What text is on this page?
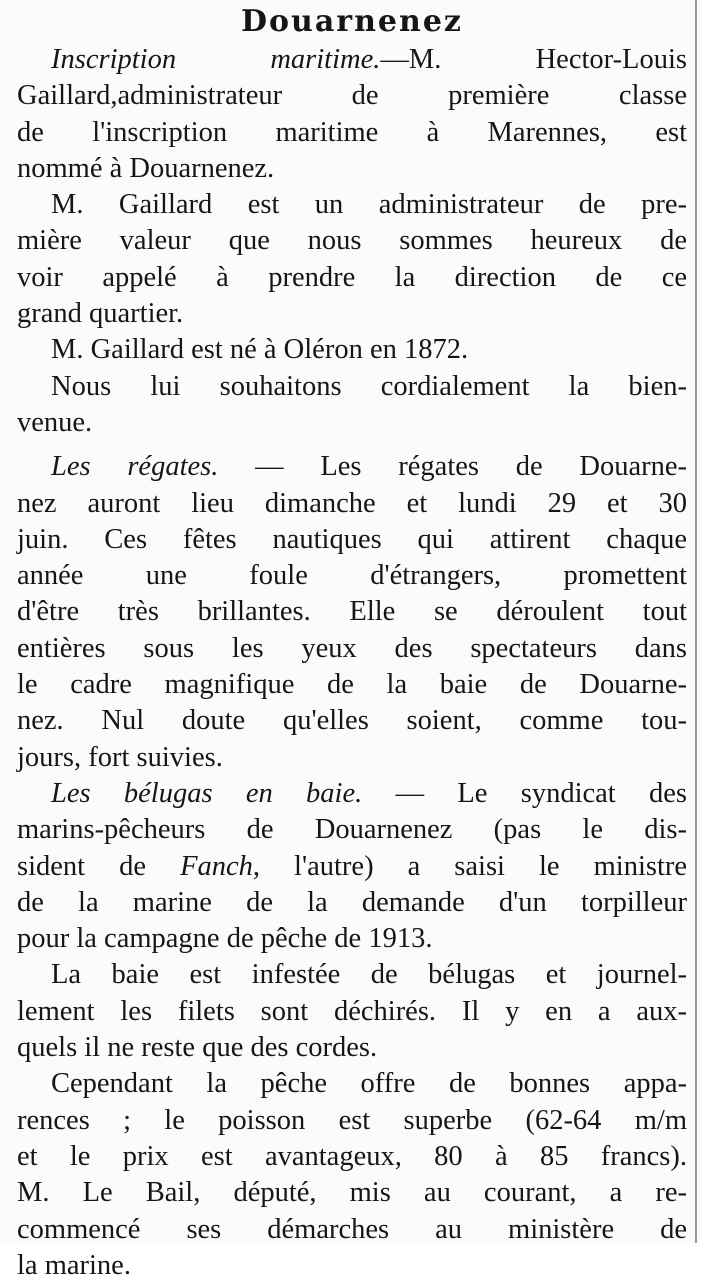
Douarnenez
Inscription maritime.—M. Hector-Louis
Gaillard,administrateur de première classe
de l'inscription maritime à Marennes, est
nommé à Douarnenez.
M. Gaillard est un administrateur de pre-
mière valeur que nous sommes heureux de
voir appelé à prendre la direction de ce
grand quartier.
M. Gaillard est né à Oléron en 1872.
Nous lui souhaitons cordialement la bien-
venue.
Les régates. — Les régates de Douarne-
nez auront lieu dimanche et lundi 29 et 30
juin. Ces fêtes nautiques qui attirent chaque
année une foule d'étrangers, promettent
d'être très brillantes. Elle se déroulent tout
entières sous les yeux des spectateurs dans
le cadre magnifique de la baie de Douarne-
nez. Nul doute qu'elles soient, comme tou-
jours, fort suivies.
Les bélugas en baie. — Le syndicat des
marins-pêcheurs de Douarnenez (pas le dis-
sident de Fanch, l'autre) a saisi le ministre
de la marine de la demande d'un torpilleur
pour la campagne de pêche de 1913.
La baie est infestée de bélugas et journel-
lement les filets sont déchirés. Il y en a aux-
quels il ne reste que des cordes.
Cependant la pêche offre de bonnes appa-
rences ; le poisson est superbe (62-64 m/m
et le prix est avantageux, 80 à 85 francs).
M. Le Bail, député, mis au courant, a re-
commencé ses démarches au ministère de
la marine.
